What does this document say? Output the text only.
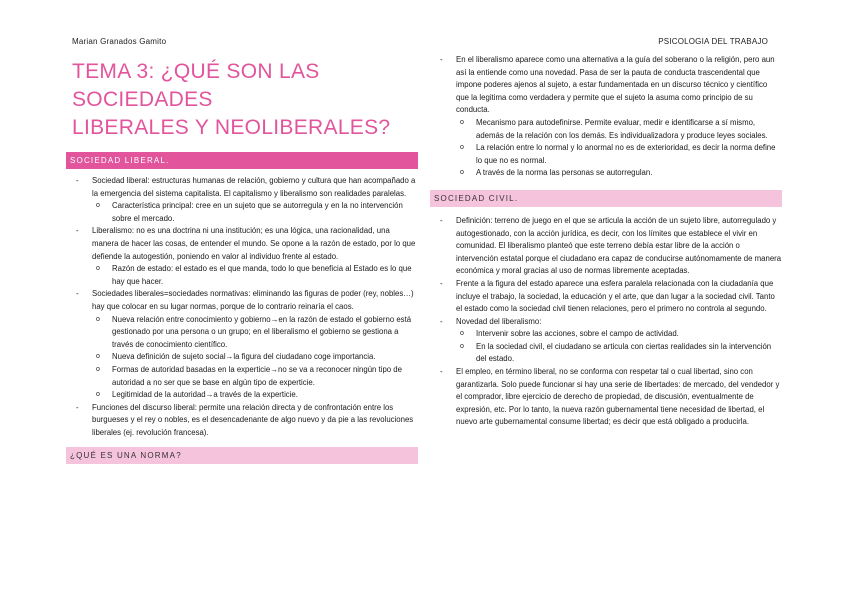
Marian Granados Gamito	PSICOLOGIA DEL TRABAJO
TEMA 3: ¿QUÉ SON LAS SOCIEDADES
LIBERALES Y NEOLIBERALES?
SOCIEDAD LIBERAL.
- Sociedad liberal: estructuras humanas de relación, gobierno y cultura que han acompañado a la emergencia del sistema capitalista. El capitalismo y liberalismo son realidades paralelas.
o Característica principal: cree en un sujeto que se autorregula y en la no intervención sobre el mercado.
- Liberalismo: no es una doctrina ni una institución; es una lógica, una racionalidad, una manera de hacer las cosas, de entender el mundo. Se opone a la razón de estado, por lo que defiende la autogestión, poniendo en valor al individuo frente al estado.
o Razón de estado: el estado es el que manda, todo lo que beneficia al Estado es lo que hay que hacer.
- Sociedades liberales=sociedades normativas: eliminando las figuras de poder (rey, nobles…) hay que colocar en su lugar normas, porque de lo contrario reinaría el caos.
o Nueva relación entre conocimiento y gobierno→en la razón de estado el gobierno está gestionado por una persona o un grupo; en el liberalismo el gobierno se gestiona a través de conocimiento científico.
o Nueva definición de sujeto social→la figura del ciudadano coge importancia.
o Formas de autoridad basadas en la experticie→no se va a reconocer ningún tipo de autoridad a no ser que se base en algún tipo de experticie.
o Legitimidad de la autoridad→a través de la experticie.
- Funciones del discurso liberal: permite una relación directa y de confrontación entre los burgueses y el rey o nobles, es el desencadenante de algo nuevo y da pie a las revoluciones liberales (ej. revolución francesa).
¿QUÉ ES UNA NORMA?
- En el liberalismo aparece como una alternativa a la guía del soberano o la religión, pero aun así la entiende como una novedad. Pasa de ser la pauta de conducta trascendental que impone poderes ajenos al sujeto, a estar fundamentada en un discurso técnico y científico que la legitima como verdadera y permite que el sujeto la asuma como principio de su conducta.
o Mecanismo para autodefinirse. Permite evaluar, medir e identificarse a sí mismo, además de la relación con los demás. Es individualizadora y produce leyes sociales.
o La relación entre lo normal y lo anormal no es de exterioridad, es decir la norma define lo que no es normal.
o A través de la norma las personas se autorregulan.
SOCIEDAD CIVIL.
- Definición: terreno de juego en el que se articula la acción de un sujeto libre, autorregulado y autogestionado, con la acción jurídica, es decir, con los límites que establece el vivir en comunidad. El liberalismo planteó que este terreno debía estar libre de la acción o intervención estatal porque el ciudadano era capaz de conducirse autónomamente de manera económica y moral gracias al uso de normas libremente aceptadas.
- Frente a la figura del estado aparece una esfera paralela relacionada con la ciudadanía que incluye el trabajo, la sociedad, la educación y el arte, que dan lugar a la sociedad civil. Tanto el estado como la sociedad civil tienen relaciones, pero el primero no controla al segundo.
- Novedad del liberalismo:
o Intervenir sobre las acciones, sobre el campo de actividad.
o En la sociedad civil, el ciudadano se articula con ciertas realidades sin la intervención del estado.
- El empleo, en término liberal, no se conforma con respetar tal o cual libertad, sino con garantizarla. Solo puede funcionar si hay una serie de libertades: de mercado, del vendedor y el comprador, libre ejercicio de derecho de propiedad, de discusión, eventualmente de expresión, etc. Por lo tanto, la nueva razón gubernamental tiene necesidad de libertad, el nuevo arte gubernamental consume libertad; es decir que está obligado a producirla.
